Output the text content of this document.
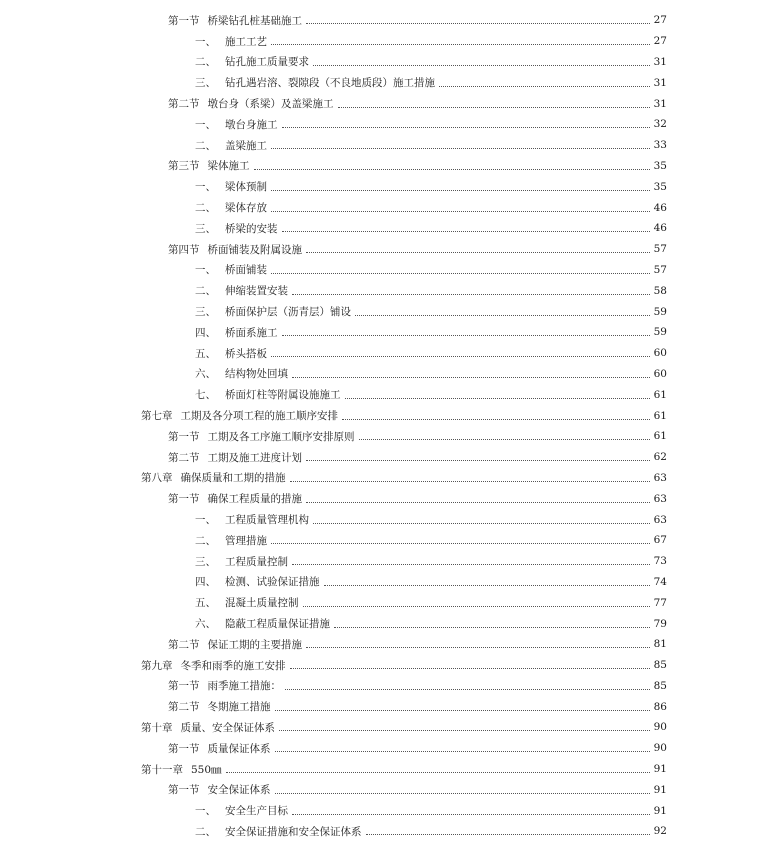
第一节 桥梁钻孔桩基础施工	27
一、 施工工艺	27
二、 钻孔施工质量要求	31
三、 钻孔遇岩溶、裂隙段（不良地质段）施工措施	31
第二节 墩台身（系梁）及盖梁施工	31
一、 墩台身施工	32
二、 盖梁施工	33
第三节 梁体施工	35
一、 梁体预制	35
二、 梁体存放	46
三、 桥梁的安装	46
第四节 桥面铺装及附属设施	57
一、 桥面铺装	57
二、 伸缩装置安装	58
三、 桥面保护层（沥青层）铺设	59
四、 桥面系施工	59
五、 桥头搭板	60
六、 结构物处回填	60
七、 桥面灯柱等附属设施施工	61
第七章 工期及各分项工程的施工顺序安排	61
第一节 工期及各工序施工顺序安排原则	61
第二节 工期及施工进度计划	62
第八章 确保质量和工期的措施	63
第一节 确保工程质量的措施	63
一、 工程质量管理机构	63
二、 管理措施	67
三、 工程质量控制	73
四、 检测、试验保证措施	74
五、 混凝土质量控制	77
六、 隐蔽工程质量保证措施	79
第二节 保证工期的主要措施	81
第九章 冬季和雨季的施工安排	85
第一节 雨季施工措施：	85
第二节 冬期施工措施	86
第十章 质量、安全保证体系	90
第一节 质量保证体系	90
第十一章 550㎜	91
第一节 安全保证体系	91
一、 安全生产目标	91
二、 安全保证措施和安全保证体系	92
